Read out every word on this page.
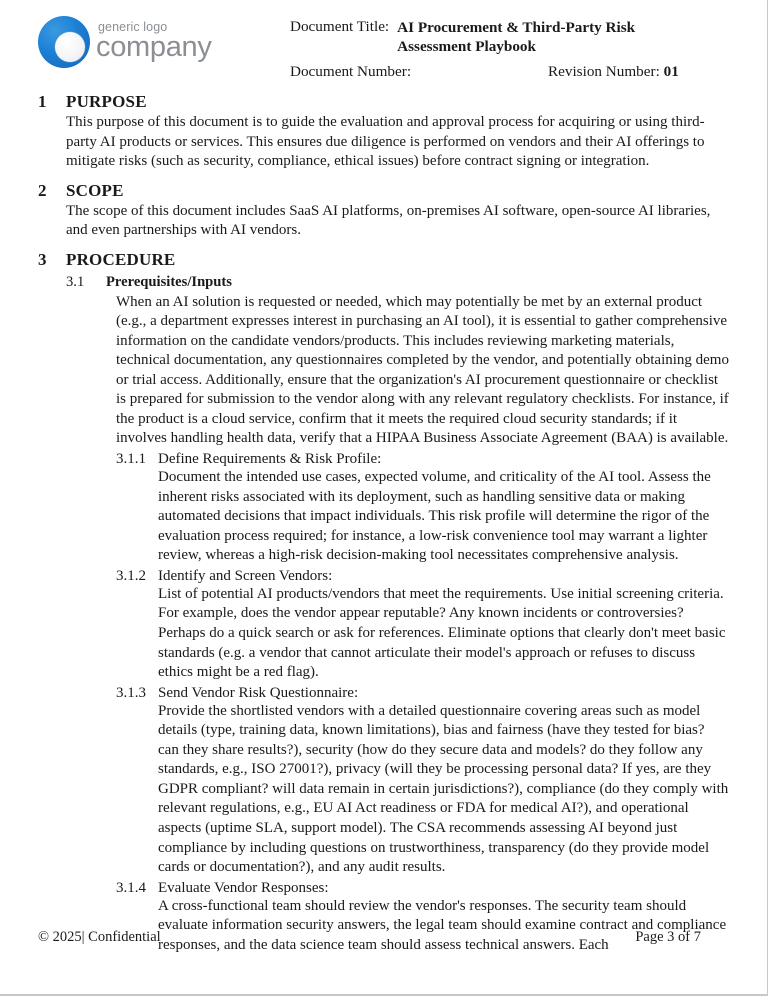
generic logo
company
Document Title: AI Procurement & Third-Party Risk Assessment Playbook
Document Number:	Revision Number: 01
1	PURPOSE

This purpose of this document is to guide the evaluation and approval process for acquiring or using third-party AI products or services. This ensures due diligence is performed on vendors and their AI offerings to mitigate risks (such as security, compliance, ethical issues) before contract signing or integration.

2	SCOPE

The scope of this document includes SaaS AI platforms, on-premises AI software, open-source AI libraries, and even partnerships with AI vendors.

3	PROCEDURE
3.1	Prerequisites/Inputs

When an AI solution is requested or needed, which may potentially be met by an external product (e.g., a department expresses interest in purchasing an AI tool), it is essential to gather comprehensive information on the candidate vendors/products. This includes reviewing marketing materials, technical documentation, any questionnaires completed by the vendor, and potentially obtaining demo or trial access. Additionally, ensure that the organization's AI procurement questionnaire or checklist is prepared for submission to the vendor along with any relevant regulatory checklists. For instance, if the product is a cloud service, confirm that it meets the required cloud security standards; if it involves handling health data, verify that a HIPAA Business Associate Agreement (BAA) is available.

3.1.1 Define Requirements & Risk Profile:

Document the intended use cases, expected volume, and criticality of the AI tool. Assess the inherent risks associated with its deployment, such as handling sensitive data or making automated decisions that impact individuals. This risk profile will determine the rigor of the evaluation process required; for instance, a low-risk convenience tool may warrant a lighter review, whereas a high-risk decision-making tool necessitates comprehensive analysis.

3.1.2 Identify and Screen Vendors:

List of potential AI products/vendors that meet the requirements. Use initial screening criteria. For example, does the vendor appear reputable? Any known incidents or controversies? Perhaps do a quick search or ask for references. Eliminate options that clearly don't meet basic standards (e.g. a vendor that cannot articulate their model's approach or refuses to discuss ethics might be a red flag).

3.1.3 Send Vendor Risk Questionnaire:

Provide the shortlisted vendors with a detailed questionnaire covering areas such as model details (type, training data, known limitations), bias and fairness (have they tested for bias? can they share results?), security (how do they secure data and models? do they follow any standards, e.g., ISO 27001?), privacy (will they be processing personal data? If yes, are they GDPR compliant? will data remain in certain jurisdictions?), compliance (do they comply with relevant regulations, e.g., EU AI Act readiness or FDA for medical AI?), and operational aspects (uptime SLA, support model). The CSA recommends assessing AI beyond just compliance by including questions on trustworthiness, transparency (do they provide model cards or documentation?), and any audit results.

3.1.4 Evaluate Vendor Responses:

A cross-functional team should review the vendor's responses. The security team should evaluate information security answers, the legal team should examine contract and compliance responses, and the data science team should assess technical answers. Each

© 2025| Confidential	Page 3 of 7
